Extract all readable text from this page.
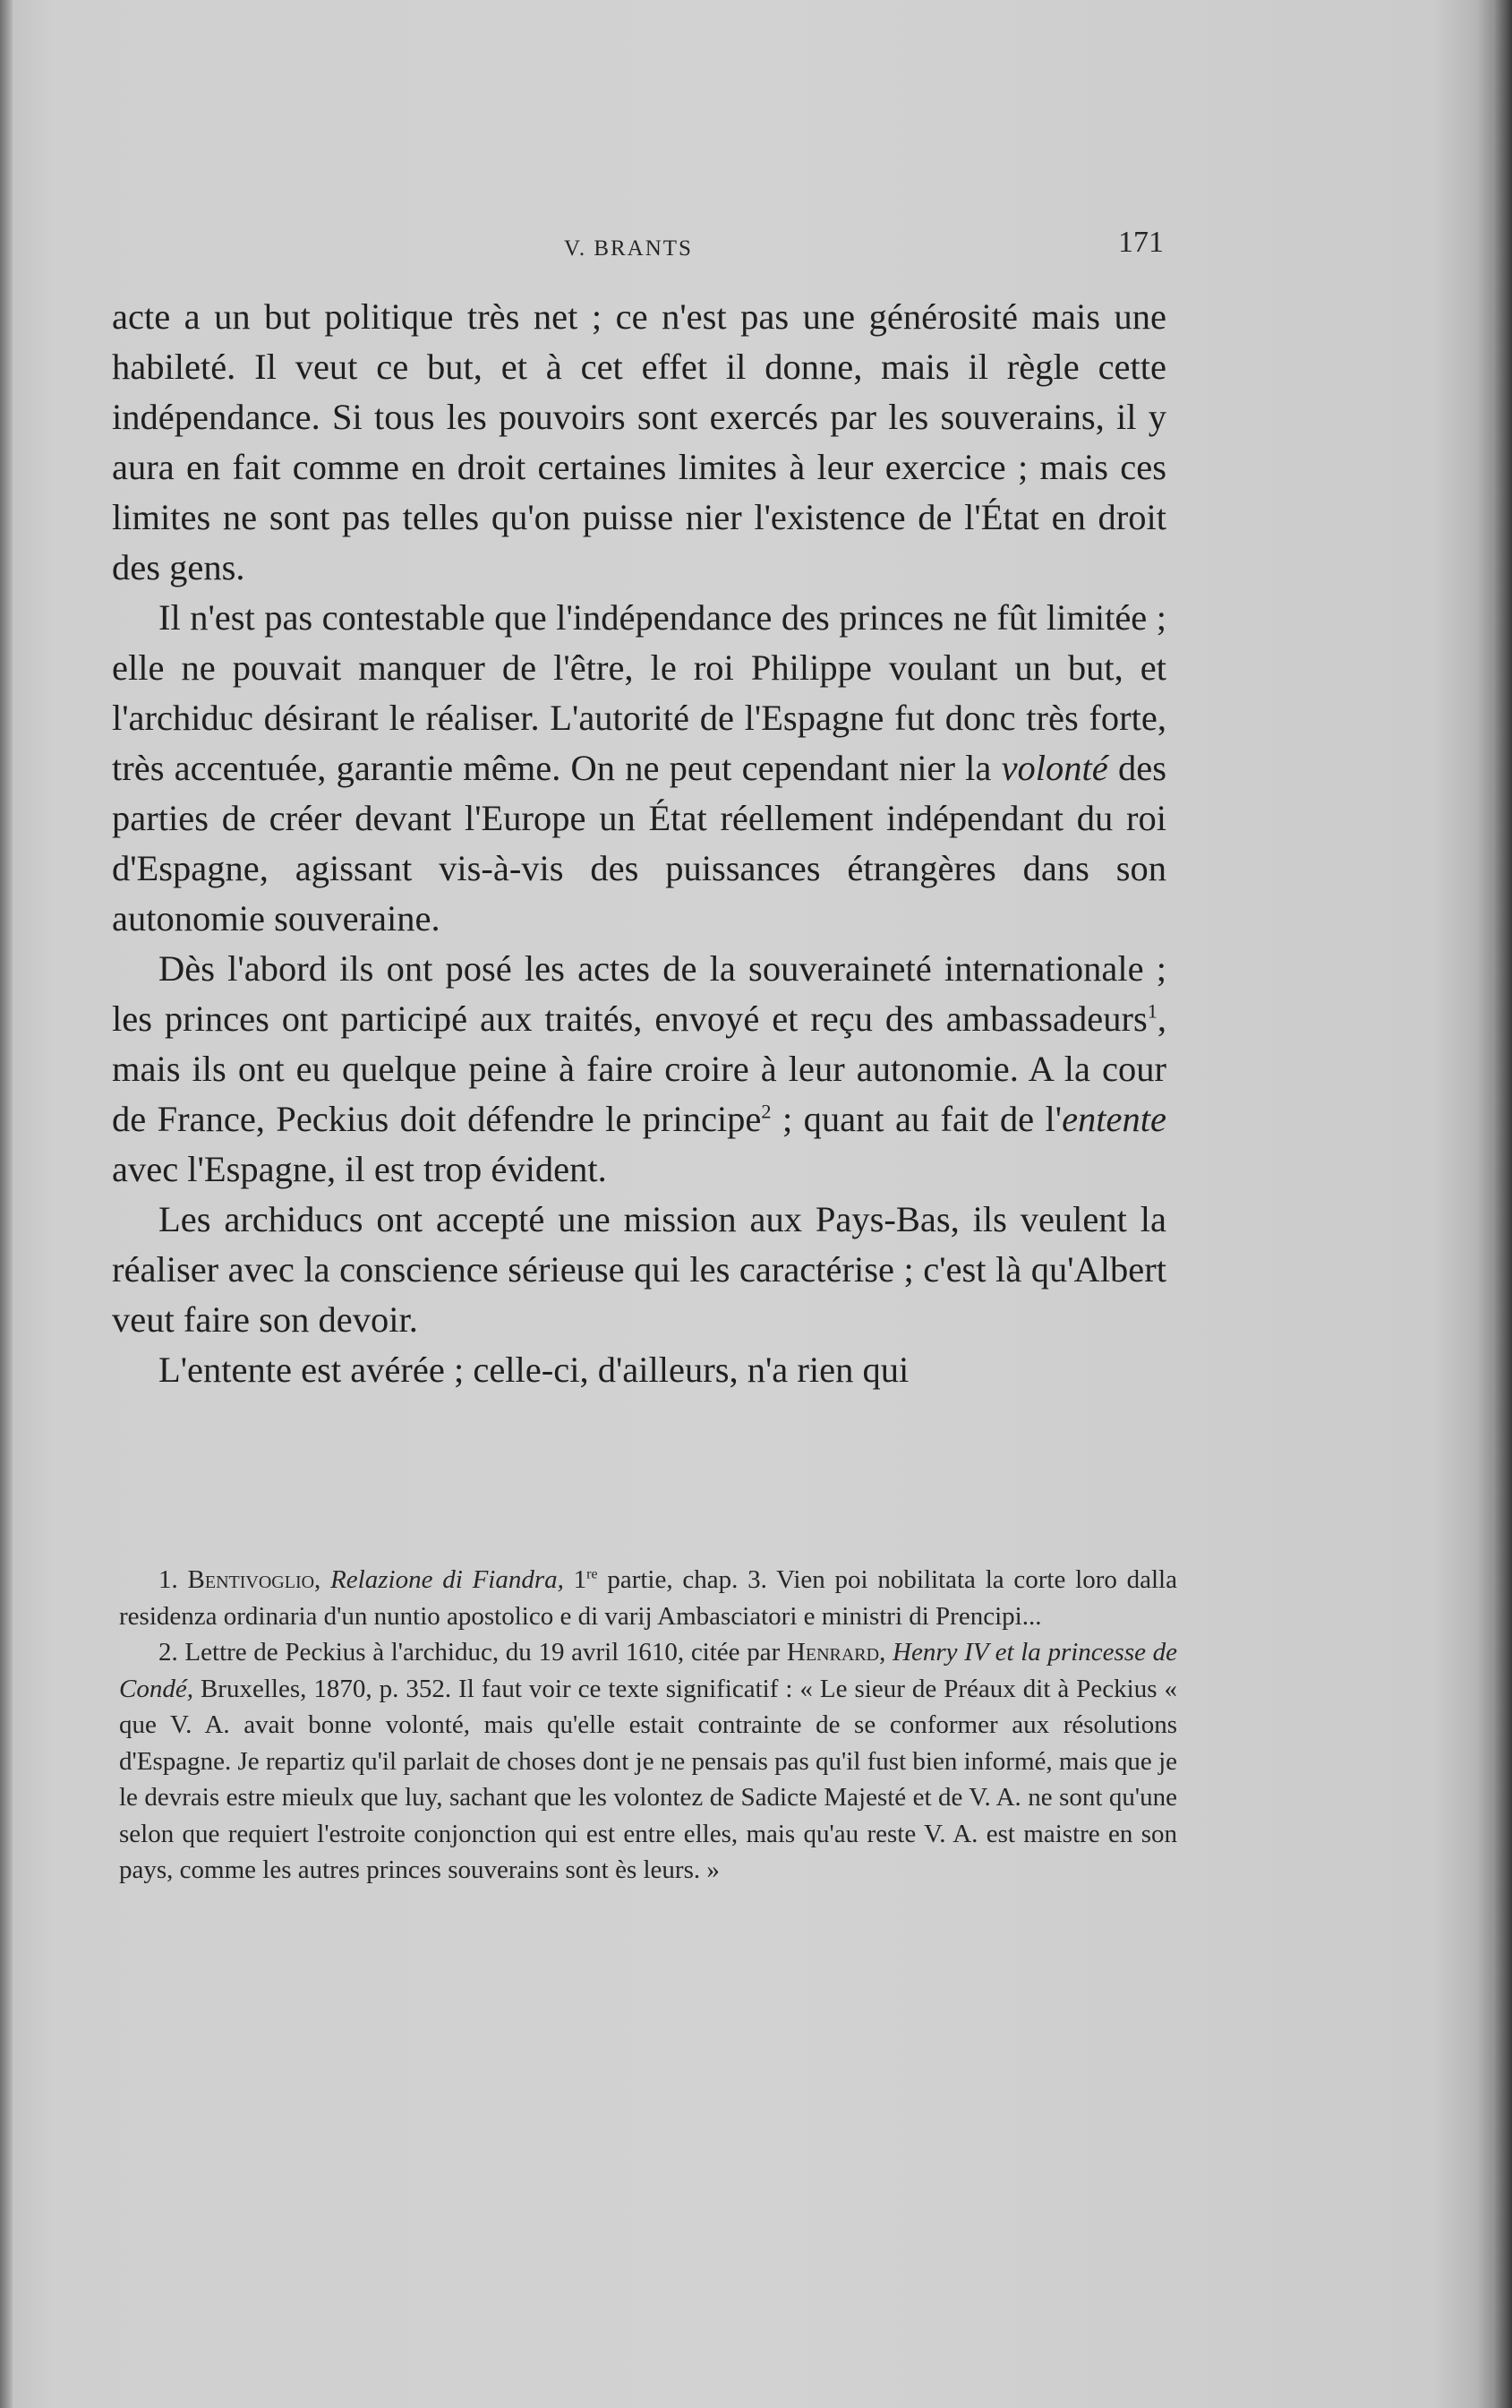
V. BRANTS	171

acte a un but politique très net ; ce n'est pas une générosité mais une habileté. Il veut ce but, et à cet effet il donne, mais il règle cette indépendance. Si tous les pouvoirs sont exercés par les souverains, il y aura en fait comme en droit certaines limites à leur exercice ; mais ces limites ne sont pas telles qu'on puisse nier l'existence de l'État en droit des gens.

Il n'est pas contestable que l'indépendance des princes ne fût limitée ; elle ne pouvait manquer de l'être, le roi Philippe voulant un but, et l'archiduc désirant le réaliser. L'autorité de l'Espagne fut donc très forte, très accentuée, garantie même. On ne peut cependant nier la volonté des parties de créer devant l'Europe un État réellement indépendant du roi d'Espagne, agissant vis-à-vis des puissances étrangères dans son autonomie souveraine.

Dès l'abord ils ont posé les actes de la souveraineté internationale ; les princes ont participé aux traités, envoyé et reçu des ambassadeurs$^1$, mais ils ont eu quelque peine à faire croire à leur autonomie. A la cour de France, Peckius doit défendre le principe$^2$ ; quant au fait de l'entente avec l'Espagne, il est trop évident.

Les archiducs ont accepté une mission aux Pays-Bas, ils veulent la réaliser avec la conscience sérieuse qui les caractérise ; c'est là qu'Albert veut faire son devoir.

L'entente est avérée ; celle-ci, d'ailleurs, n'a rien qui

1. Bentivoglio, Relazione di Fiandra, 1re partie, chap. 3. Vien poi nobilitata la corte loro dalla residenza ordinaria d'un nuntio apostolico e di varij Ambasciatori e ministri di Prencipi...

2. Lettre de Peckius à l'archiduc, du 19 avril 1610, citée par Henrard, Henry IV et la princesse de Condé, Bruxelles, 1870, p. 352. Il faut voir ce texte significatif : « Le sieur de Préaux dit à Peckius « que V. A. avait bonne volonté, mais qu'elle estait contrainte de se conformer aux résolutions d'Espagne. Je repartiz qu'il parlait de choses dont je ne pensais pas qu'il fust bien informé, mais que je le devrais estre mieulx que luy, sachant que les volontez de Sadicte Majesté et de V. A. ne sont qu'une selon que requiert l'estroite conjonction qui est entre elles, mais qu'au reste V. A. est maistre en son pays, comme les autres princes souverains sont ès leurs. »
